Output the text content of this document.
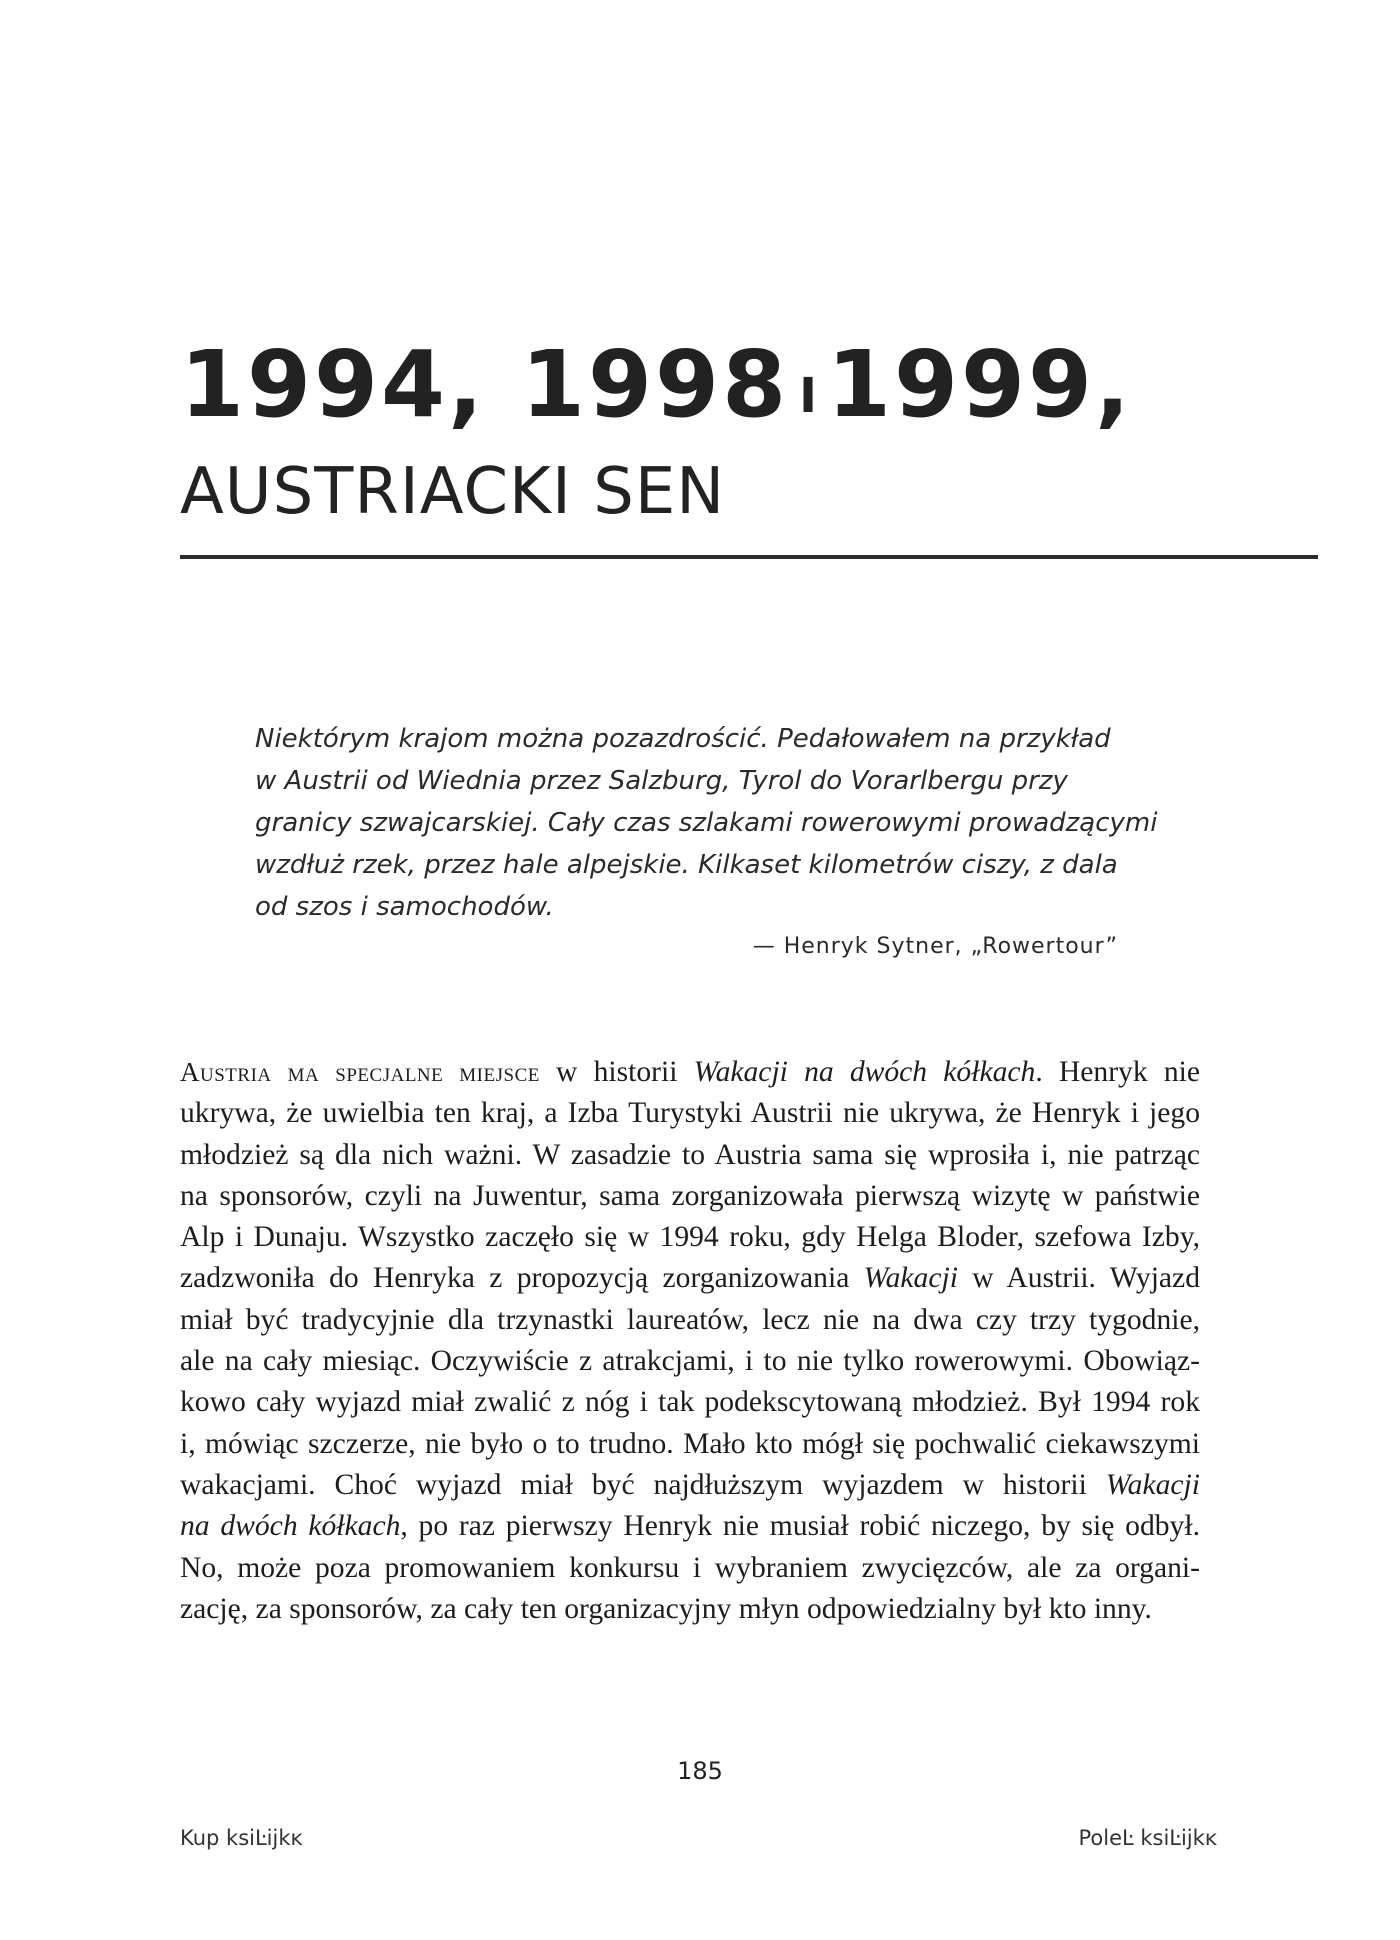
1994, 1998 I 1999,
AUSTRIACKI SEN

Niektórym krajom można pozazdrościć. Pedałowałem na przykład
w Austrii od Wiednia przez Salzburg, Tyrol do Vorarlbergu przy
granicy szwajcarskiej. Cały czas szlakami rowerowymi prowadzącymi
wzdłuż rzek, przez hale alpejskie. Kilkaset kilometrów ciszy, z dala
od szos i samochodów.

— Henryk Sytner, „Rowertour”
Austria ma specjalne miejsce w historii Wakacji na dwóch kółkach. Henryk nie
ukrywa, że uwielbia ten kraj, a Izba Turystyki Austrii nie ukrywa, że Henryk i jego
młodzież są dla nich ważni. W zasadzie to Austria sama się wprosiła i, nie patrząc
na sponsorów, czyli na Juwentur, sama zorganizowała pierwszą wizytę w państwie
Alp i Dunaju. Wszystko zaczęło się w 1994 roku, gdy Helga Bloder, szefowa Izby,
zadzwoniła do Henryka z propozycją zorganizowania Wakacji w Austrii. Wyjazd
miał być tradycyjnie dla trzynastki laureatów, lecz nie na dwa czy trzy tygodnie,
ale na cały miesiąc. Oczywiście z atrakcjami, i to nie tylko rowerowymi. Obowiąz-
kowo cały wyjazd miał zwalić z nóg i tak podekscytowaną młodzież. Był 1994 rok
i, mówiąc szczerze, nie było o to trudno. Mało kto mógł się pochwalić ciekawszymi
wakacjami. Choć wyjazd miał być najdłuższym wyjazdem w historii Wakacji
na dwóch kółkach, po raz pierwszy Henryk nie musiał robić niczego, by się odbył.
No, może poza promowaniem konkursu i wybraniem zwycięzców, ale za organi-
zację, za sponsorów, za cały ten organizacyjny młyn odpowiedzialny był kto inny.
185
Kup ksiĿĳkĸ	PoleĿ ksiĿĳkĸ
